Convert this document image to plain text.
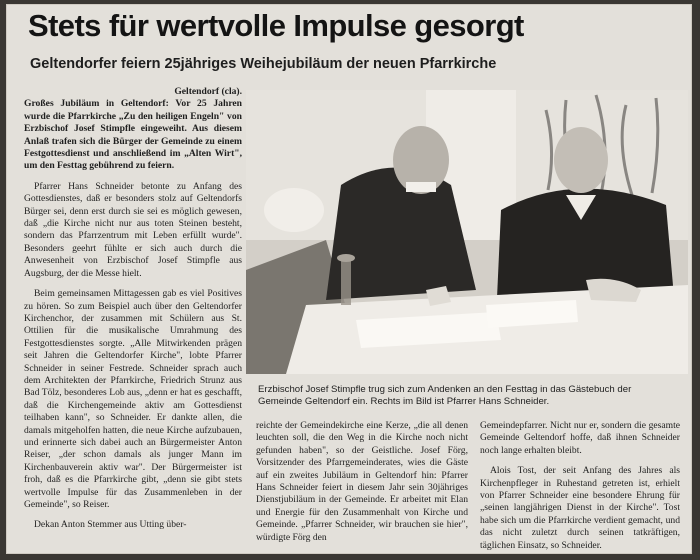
Stets für wertvolle Impulse gesorgt
Geltendorfer feiern 25jähriges Weihejubiläum der neuen Pfarrkirche

Geltendorf (cla).

Großes Jubiläum in Geltendorf: Vor 25 Jahren wurde die Pfarrkirche „Zu den heiligen Engeln" von Erzbischof Josef Stimpfle eingeweiht. Aus diesem Anlaß trafen sich die Bürger der Gemeinde zu einem Festgottesdienst und anschließend im „Alten Wirt", um den Festtag gebührend zu feiern.

Pfarrer Hans Schneider betonte zu Anfang des Gottesdienstes, daß er besonders stolz auf Geltendorfs Bürger sei, denn erst durch sie sei es möglich gewesen, daß „die Kirche nicht nur aus toten Steinen besteht, sondern das Pfarrzentrum mit Leben erfüllt wurde". Besonders geehrt fühlte er sich auch durch die Anwesenheit von Erzbischof Josef Stimpfle aus Augsburg, der die Messe hielt.

Beim gemeinsamen Mittagessen gab es viel Positives zu hören. So zum Beispiel auch über den Geltendorfer Kirchenchor, der zusammen mit Schülern aus St. Ottilien für die musikalische Umrahmung des Festgottesdienstes sorgte. „Alle Mitwirkenden prägen seit Jahren die Geltendorfer Kirche", lobte Pfarrer Schneider in seiner Festrede. Schneider sprach auch dem Architekten der Pfarrkirche, Friedrich Strunz aus Bad Tölz, besonderes Lob aus, „denn er hat es geschafft, daß die Kirchengemeinde aktiv am Gottesdienst teilhaben kann", so Schneider. Er dankte allen, die damals mitgeholfen hatten, die neue Kirche aufzubauen, und erinnerte sich dabei auch an Bürgermeister Anton Reiser, „der schon damals als junger Mann im Kirchenbauverein aktiv war". Der Bürgermeister ist froh, daß es die Pfarrkirche gibt, „denn sie gibt stets wertvolle Impulse für das Zusammenleben in der Gemeinde", so Reiser.

Dekan Anton Stemmer aus Utting über-

Erzbischof Josef Stimpfle trug sich zum Andenken an den Festtag in das Gästebuch der Gemeinde Geltendorf ein. Rechts im Bild ist Pfarrer Hans Schneider.

reichte der Gemeindekirche eine Kerze, „die all denen leuchten soll, die den Weg in die Kirche noch nicht gefunden haben", so der Geistliche. Josef Förg, Vorsitzender des Pfarrgemeinderates, wies die Gäste auf ein zweites Jubiläum in Geltendorf hin: Pfarrer Hans Schneider feiert in diesem Jahr sein 30jähriges Dienstjubiläum in der Gemeinde. Er arbeitet mit Elan und Energie für den Zusammenhalt von Kirche und Gemeinde. „Pfarrer Schneider, wir brauchen sie hier", würdigte Förg den

Gemeindepfarrer. Nicht nur er, sondern die gesamte Gemeinde Geltendorf hoffe, daß ihnen Schneider noch lange erhalten bleibt.

Alois Tost, der seit Anfang des Jahres als Kirchenpfleger in Ruhestand getreten ist, erhielt von Pfarrer Schneider eine besondere Ehrung für „seinen langjährigen Dienst in der Kirche". Tost habe sich um die Pfarrkirche verdient gemacht, und das nicht zuletzt durch seinen tatkräftigen, täglichen Einsatz, so Schneider.
